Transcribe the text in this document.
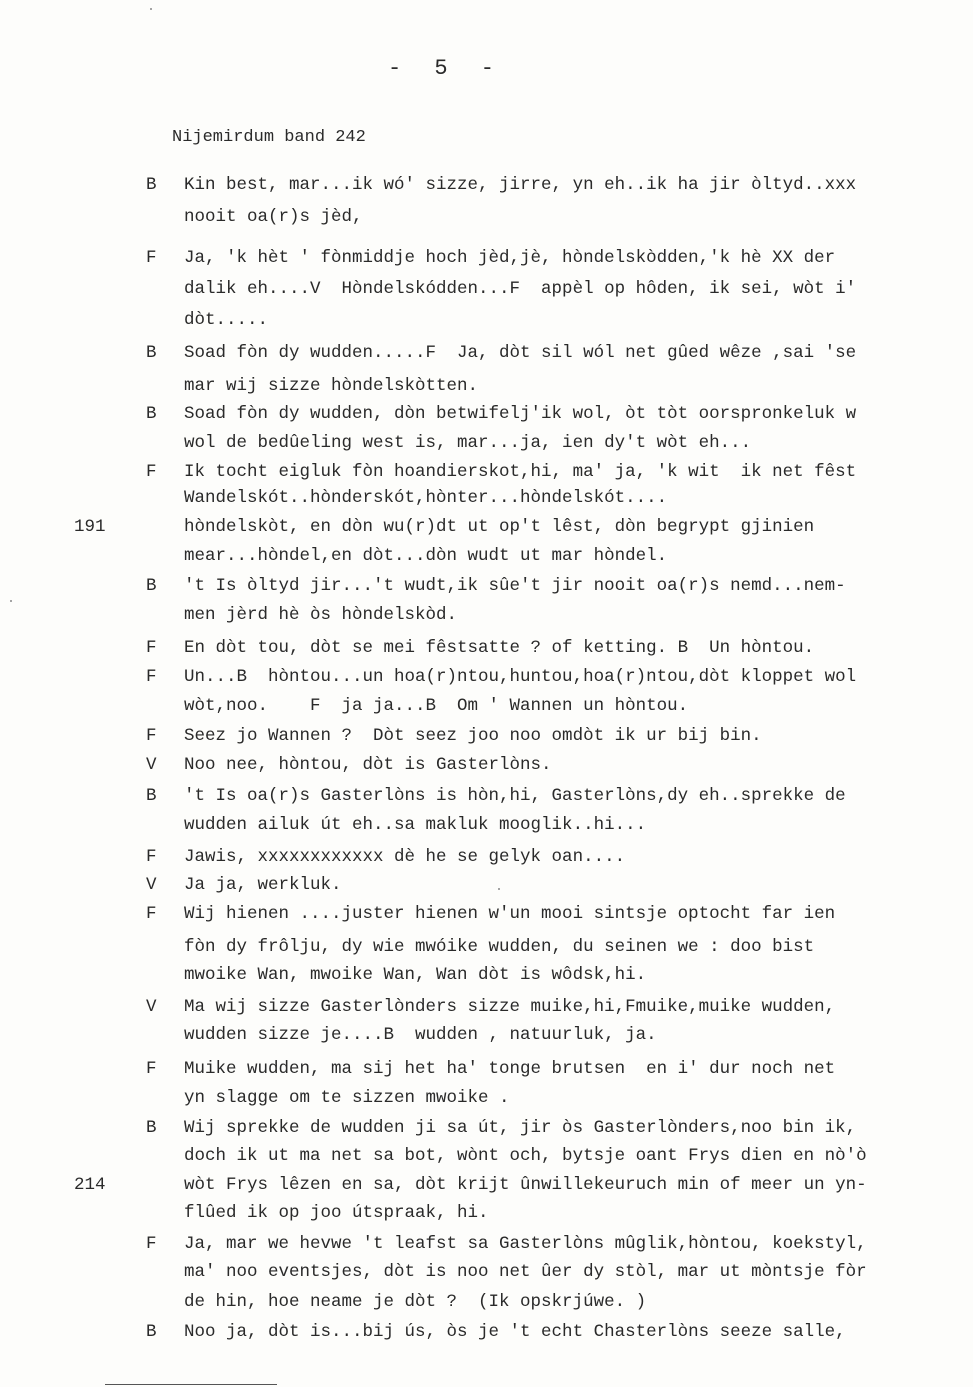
- 5 -
Nijemirdum band 242
B	Kin best, mar...ik wó' sizze, jirre, yn eh..ik ha jir òltyd..xxx
nooit oa(r)s jèd,
F	Ja, 'k hèt ' fònmiddje hoch jèd,jè, hòndelskòdden,'k hè XX der
dalik eh....V  Hòndelskódden...F  appèl op hôden, ik sei, wòt i'
dòt.....
B	Soad fòn dy wudden.....F  Ja, dòt sil wól net gûed wêze ,sai 'se
mar wij sizze hòndelskòtten.
B	Soad fòn dy wudden, dòn betwifelj'ik wol, òt tòt oorspronkeluk w
wol de bedûeling west is, mar...ja, ien dy't wòt eh...
F	Ik tocht eigluk fòn hoandierskot,hi, ma' ja, 'k wit  ik net fêst
Wandelskót..hònderskót,hònter...hòndelskót....
191	hòndelskòt, en dòn wu(r)dt ut op't lêst, dòn begrypt gjinien
mear...hòndel,en dòt...dòn wudt ut mar hòndel.
B	't Is òltyd jir...'t wudt,ik sûe't jir nooit oa(r)s nemd...nem-
men jèrd hè òs hòndelskòd.
F	En dòt tou, dòt se mei fêstsatte ? of ketting. B  Un hòntou.
F	Un...B  hòntou...un hoa(r)ntou,huntou,hoa(r)ntou,dòt kloppet wol
wòt,noo.    F  ja ja...B  Om ' Wannen un hòntou.
F	Seez jo Wannen ?  Dòt seez joo noo omdòt ik ur bij bin.
V	Noo nee, hòntou, dòt is Gasterlòns.
B	't Is oa(r)s Gasterlòns is hòn,hi, Gasterlòns,dy eh..sprekke de
wudden ailuk út eh..sa makluk mooglik..hi...
F	Jawis, xxxxxxxxxxxx dè he se gelyk oan....
V	Ja ja, werkluk.
F	Wij hienen ....juster hienen w'un mooi sintsje optocht far ien
fòn dy frôlju, dy wie mwóike wudden, du seinen we : doo bist
mwoike Wan, mwoike Wan, Wan dòt is wôdsk,hi.
V	Ma wij sizze Gasterlònders sizze muike,hi,Fmuike,muike wudden,
wudden sizze je....B  wudden , natuurluk, ja.
F	Muike wudden, ma sij het ha' tonge brutsen  en i' dur noch net
yn slagge om te sizzen mwoike .
B	Wij sprekke de wudden ji sa út, jir òs Gasterlònders,noo bin ik,
doch ik ut ma net sa bot, wònt och, bytsje oant Frys dien en nò'ò
214	wòt Frys lêzen en sa, dòt krijt ûnwillekeuruch min of meer un yn-
flûed ik op joo útspraak, hi.
F	Ja, mar we hevwe 't leafst sa Gasterlòns mûglik,hòntou, koekstyl,
ma' noo eventsjes, dòt is noo net ûer dy stòl, mar ut mòntsje fòr
de hin, hoe neame je dòt ?  (Ik opskrjúwe. )
B	Noo ja, dòt is...bij ús, òs je 't echt Chasterlòns seeze salle,
